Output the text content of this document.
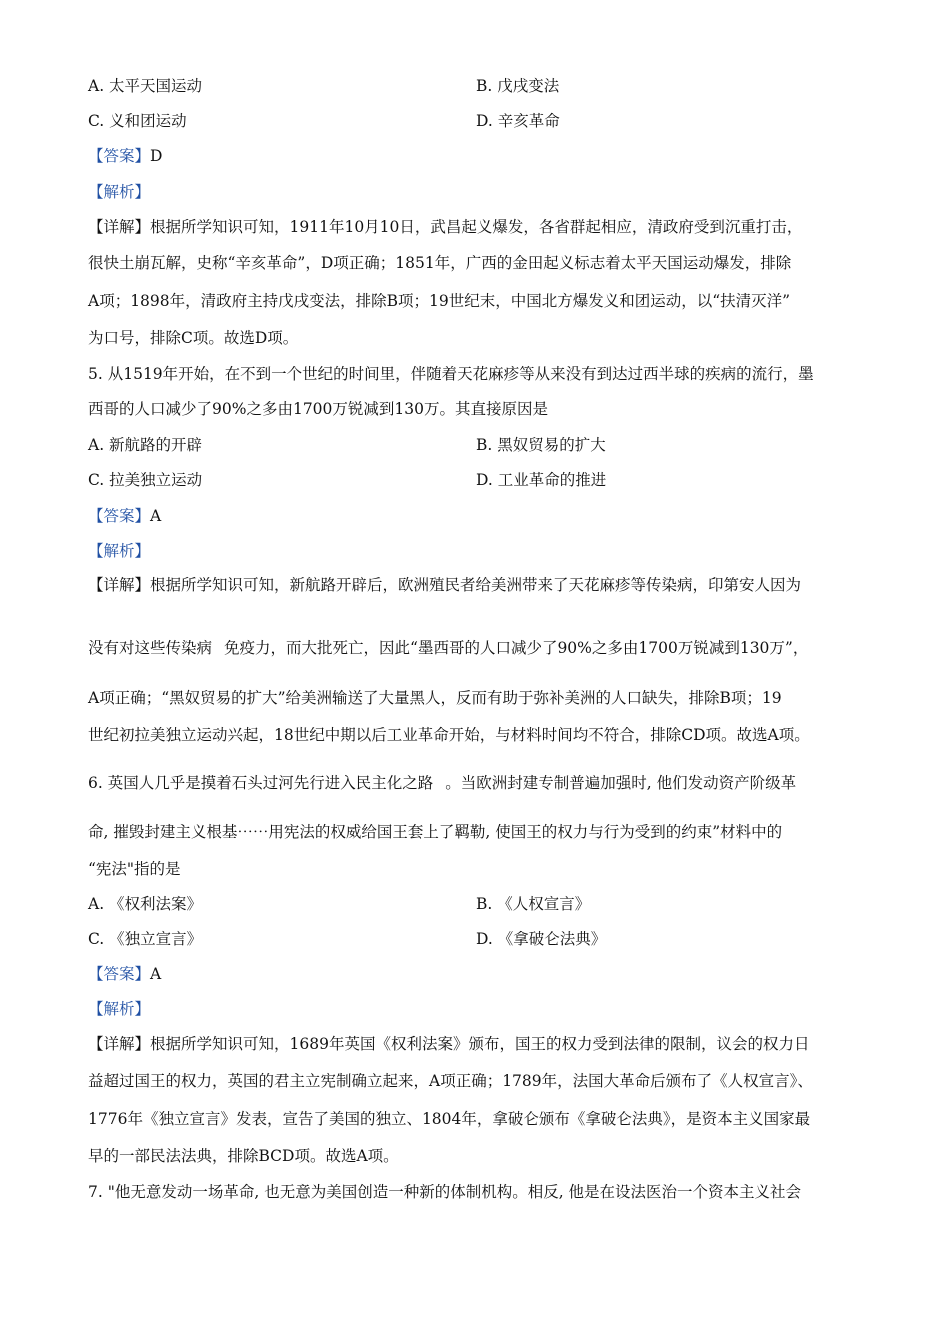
A. 太平天国运动	B. 戊戌变法
C. 义和团运动	D. 辛亥革命
【答案】D
【解析】
【详解】根据所学知识可知，1911年10月10日，武昌起义爆发，各省群起相应，清政府受到沉重打击，
很快土崩瓦解，史称“辛亥革命”，D项正确；1851年，广西的金田起义标志着太平天国运动爆发，排除
A项；1898年，清政府主持戊戌变法，排除B项；19世纪末，中国北方爆发义和团运动，以“扶清灭洋”
为口号，排除C项。故选D项。
5. 从1519年开始，在不到一个世纪的时间里，伴随着天花麻疹等从来没有到达过西半球的疾病的流行，墨
西哥的人口减少了90%之多由1700万锐减到130万。其直接原因是
A. 新航路的开辟	B. 黑奴贸易的扩大
C. 拉美独立运动	D. 工业革命的推进
【答案】A
【解析】
【详解】根据所学知识可知，新航路开辟后，欧洲殖民者给美洲带来了天花麻疹等传染病，印第安人因为
没有对这些传染病 免疫力，而大批死亡，因此“墨西哥的人口减少了90%之多由1700万锐减到130万”，
A项正确；“黑奴贸易的扩大”给美洲输送了大量黑人，反而有助于弥补美洲的人口缺失，排除B项；19
世纪初拉美独立运动兴起，18世纪中期以后工业革命开始，与材料时间均不符合，排除CD项。故选A项。
6. 英国人几乎是摸着石头过河先行进入民主化之路 。当欧洲封建专制普遍加强时, 他们发动资产阶级革
命, 摧毁封建主义根基⋯⋯用宪法的权威给国王套上了羁勒, 使国王的权力与行为受到的约束”材料中的
“宪法"指的是
A. 《权利法案》	B. 《人权宣言》
C. 《独立宣言》	D. 《拿破仑法典》
【答案】A
【解析】
【详解】根据所学知识可知，1689年英国《权利法案》颁布，国王的权力受到法律的限制，议会的权力日
益超过国王的权力，英国的君主立宪制确立起来，A项正确；1789年，法国大革命后颁布了《人权宣言》、
1776年《独立宣言》发表，宣告了美国的独立、1804年，拿破仑颁布《拿破仑法典》，是资本主义国家最
早的一部民法法典，排除BCD项。故选A项。
7. "他无意发动一场革命, 也无意为美国创造一种新的体制机构。相反, 他是在设法医治一个资本主义社会
